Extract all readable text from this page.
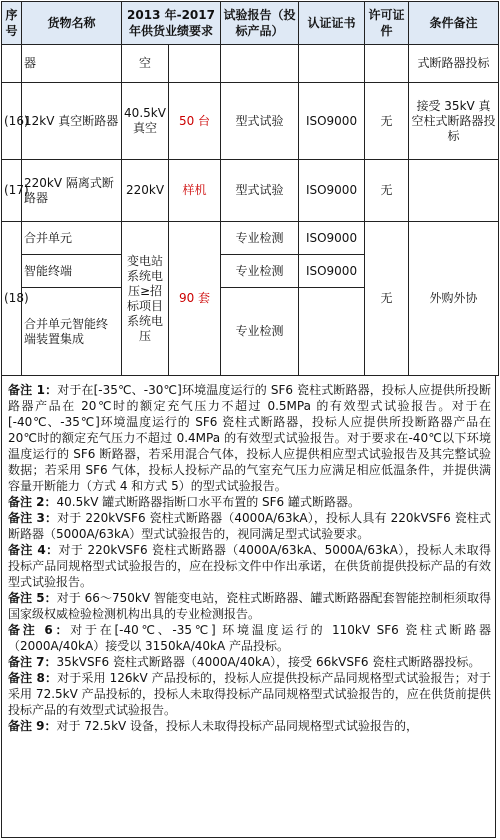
序号	货物名称	2013 年-2017 年供货业绩要求		试验报告（投标产品）	认证证书	许可证件	条件备注
	器	空					式断路器投标
(16)	12kV 真空断路器	40.5kV 真空	50 台	型式试验	ISO9000	无	接受 35kV 真空柱式断路器投标
(17)	220kV 隔离式断路器	220kV	样机	型式试验	ISO9000	无	
(18)	合并单元	变电站系统电压≥招标项目系统电压	90 套	专业检测	ISO9000	无	外购外协
	智能终端			专业检测	ISO9000		
	合并单元智能终端装置集成			专业检测			

备注 1：对于在[-35℃、-30℃]环境温度运行的 SF6 瓷柱式断路器，投标人应提供所投断路器产品在 20℃时的额定充气压力不超过 0.5MPa 的有效型式试验报告。对于在[-40℃、-35℃]环境温度运行的 SF6 瓷柱式断路器，投标人应提供所投断路器产品在 20℃时的额定充气压力不超过 0.4MPa 的有效型式试验报告。对于要求在-40℃以下环境温度运行的 SF6 断路器，若采用混合气体，投标人应提供相应型式试验报告及其完整试验数据；若采用 SF6 气体，投标人投标产品的气室充气压力应满足相应低温条件，并提供满容量开断能力（方式 4 和方式 5）的型式试验报告。

备注 2：40.5kV 罐式断路器指断口水平布置的 SF6 罐式断路器。

备注 3：对于 220kVSF6 瓷柱式断路器（4000A/63kA），投标人具有 220kVSF6 瓷柱式断路器（5000A/63kA）型式试验报告的，视同满足型式试验要求。

备注 4：对于 220kVSF6 瓷柱式断路器（4000A/63kA、5000A/63kA），投标人未取得投标产品同规格型式试验报告的，应在投标文件中作出承诺，在供货前提供投标产品的有效型式试验报告。

备注 5：对于 66～750kV 智能变电站，瓷柱式断路器、罐式断路器配套智能控制柜须取得国家级权威检验检测机构出具的专业检测报告。

备注 6：对于在[-40℃、-35℃] 环境温度运行的 110kV SF6 瓷柱式断路器（2000A/40kA）接受以 3150kA/40kA 产品投标。

备注 7：35kVSF6 瓷柱式断路器（4000A/40kA），接受 66kVSF6 瓷柱式断路器投标。

备注 8：对于采用 126kV 产品投标的，投标人应提供投标产品同规格型式试验报告；对于采用 72.5kV 产品投标的，投标人未取得投标产品同规格型式试验报告的，应在供货前提供投标产品的有效型式试验报告。

备注 9：对于 72.5kV 设备，投标人未取得投标产品同规格型式试验报告的，
